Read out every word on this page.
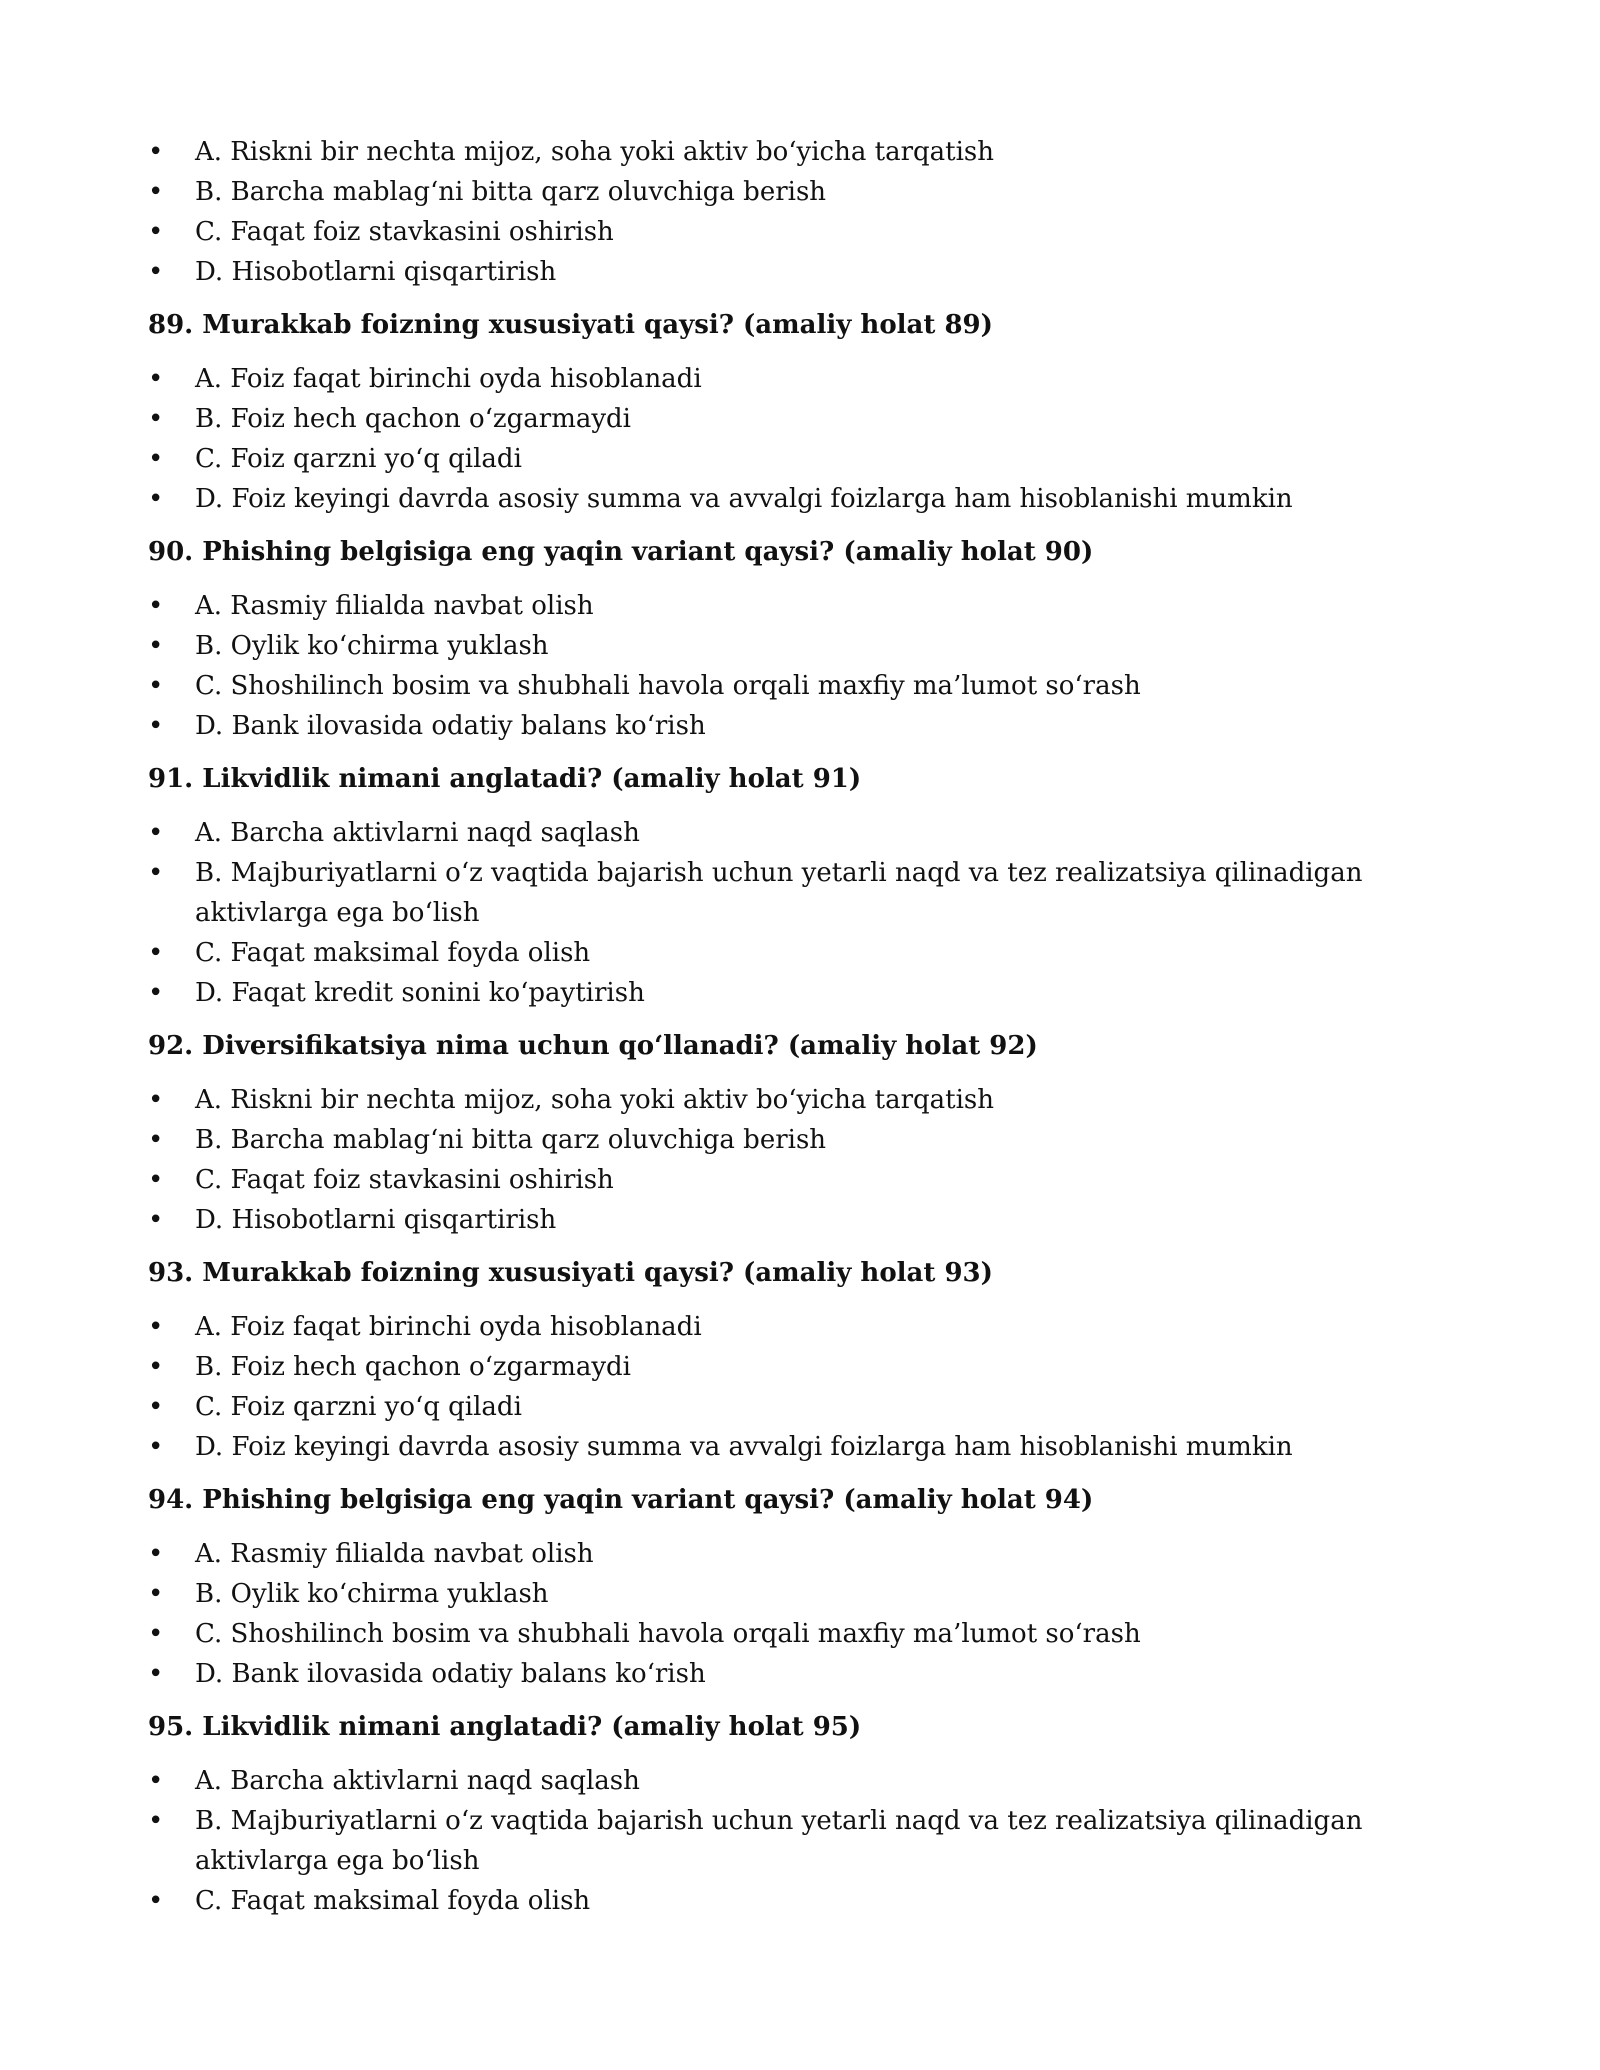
•	A. Riskni bir nechta mijoz, soha yoki aktiv bo‘yicha tarqatish
•	B. Barcha mablag‘ni bitta qarz oluvchiga berish
•	C. Faqat foiz stavkasini oshirish
•	D. Hisobotlarni qisqartirish

89. Murakkab foizning xususiyati qaysi? (amaliy holat 89)

•	A. Foiz faqat birinchi oyda hisoblanadi
•	B. Foiz hech qachon o‘zgarmaydi
•	C. Foiz qarzni yo‘q qiladi
•	D. Foiz keyingi davrda asosiy summa va avvalgi foizlarga ham hisoblanishi mumkin

90. Phishing belgisiga eng yaqin variant qaysi? (amaliy holat 90)

•	A. Rasmiy filialda navbat olish
•	B. Oylik ko‘chirma yuklash
•	C. Shoshilinch bosim va shubhali havola orqali maxfiy ma’lumot so‘rash
•	D. Bank ilovasida odatiy balans ko‘rish

91. Likvidlik nimani anglatadi? (amaliy holat 91)

•	A. Barcha aktivlarni naqd saqlash
•	B. Majburiyatlarni o‘z vaqtida bajarish uchun yetarli naqd va tez realizatsiya qilinadigan aktivlarga ega bo‘lish
•	C. Faqat maksimal foyda olish
•	D. Faqat kredit sonini ko‘paytirish

92. Diversifikatsiya nima uchun qo‘llanadi? (amaliy holat 92)

•	A. Riskni bir nechta mijoz, soha yoki aktiv bo‘yicha tarqatish
•	B. Barcha mablag‘ni bitta qarz oluvchiga berish
•	C. Faqat foiz stavkasini oshirish
•	D. Hisobotlarni qisqartirish

93. Murakkab foizning xususiyati qaysi? (amaliy holat 93)

•	A. Foiz faqat birinchi oyda hisoblanadi
•	B. Foiz hech qachon o‘zgarmaydi
•	C. Foiz qarzni yo‘q qiladi
•	D. Foiz keyingi davrda asosiy summa va avvalgi foizlarga ham hisoblanishi mumkin

94. Phishing belgisiga eng yaqin variant qaysi? (amaliy holat 94)

•	A. Rasmiy filialda navbat olish
•	B. Oylik ko‘chirma yuklash
•	C. Shoshilinch bosim va shubhali havola orqali maxfiy ma’lumot so‘rash
•	D. Bank ilovasida odatiy balans ko‘rish

95. Likvidlik nimani anglatadi? (amaliy holat 95)

•	A. Barcha aktivlarni naqd saqlash
•	B. Majburiyatlarni o‘z vaqtida bajarish uchun yetarli naqd va tez realizatsiya qilinadigan aktivlarga ega bo‘lish
•	C. Faqat maksimal foyda olish
